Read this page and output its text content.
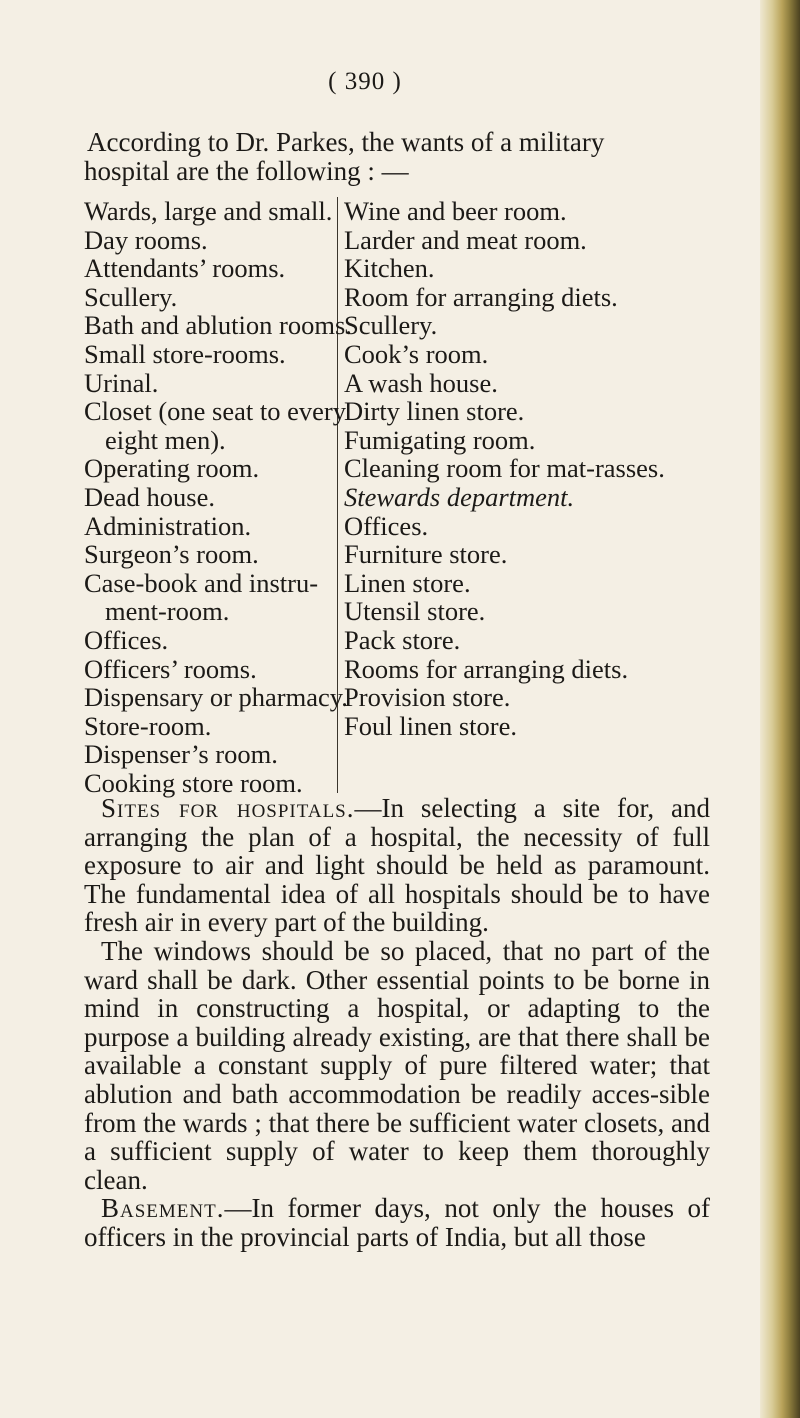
( 390 )

According to Dr. Parkes, the wants of a military

hospital are the following : —

Wards, large and small.

Day rooms.

Attendants’ rooms.

Scullery.

Bath and ablution rooms.

Small store-rooms.

Urinal.

Closet (one seat to every eight men).

Operating room.

Dead house.

Administration.

Surgeon’s room.

Case-book and instru-ment-room.

Offices.

Officers’ rooms.

Dispensary or pharmacy.

Store-room.

Dispenser’s room.

Cooking store room.

Wine and beer room.

Larder and meat room.

Kitchen.

Room for arranging diets.

Scullery.

Cook’s room.

A wash house.

Dirty linen store.

Fumigating room.

Cleaning room for mat-rasses.

Stewards department.

Offices.

Furniture store.

Linen store.

Utensil store.

Pack store.

Rooms for arranging diets.

Provision store.

Foul linen store.

Sites for hospitals.—In selecting a site for, and arranging the plan of a hospital, the necessity of full exposure to air and light should be held as paramount. The fundamental idea of all hospitals should be to have fresh air in every part of the building.

The windows should be so placed, that no part of the ward shall be dark. Other essential points to be borne in mind in constructing a hospital, or adapting to the purpose a building already existing, are that there shall be available a constant supply of pure filtered water; that ablution and bath accommodation be readily acces-sible from the wards ; that there be sufficient water closets, and a sufficient supply of water to keep them thoroughly clean.

Basement.—In former days, not only the houses of officers in the provincial parts of India, but all those
